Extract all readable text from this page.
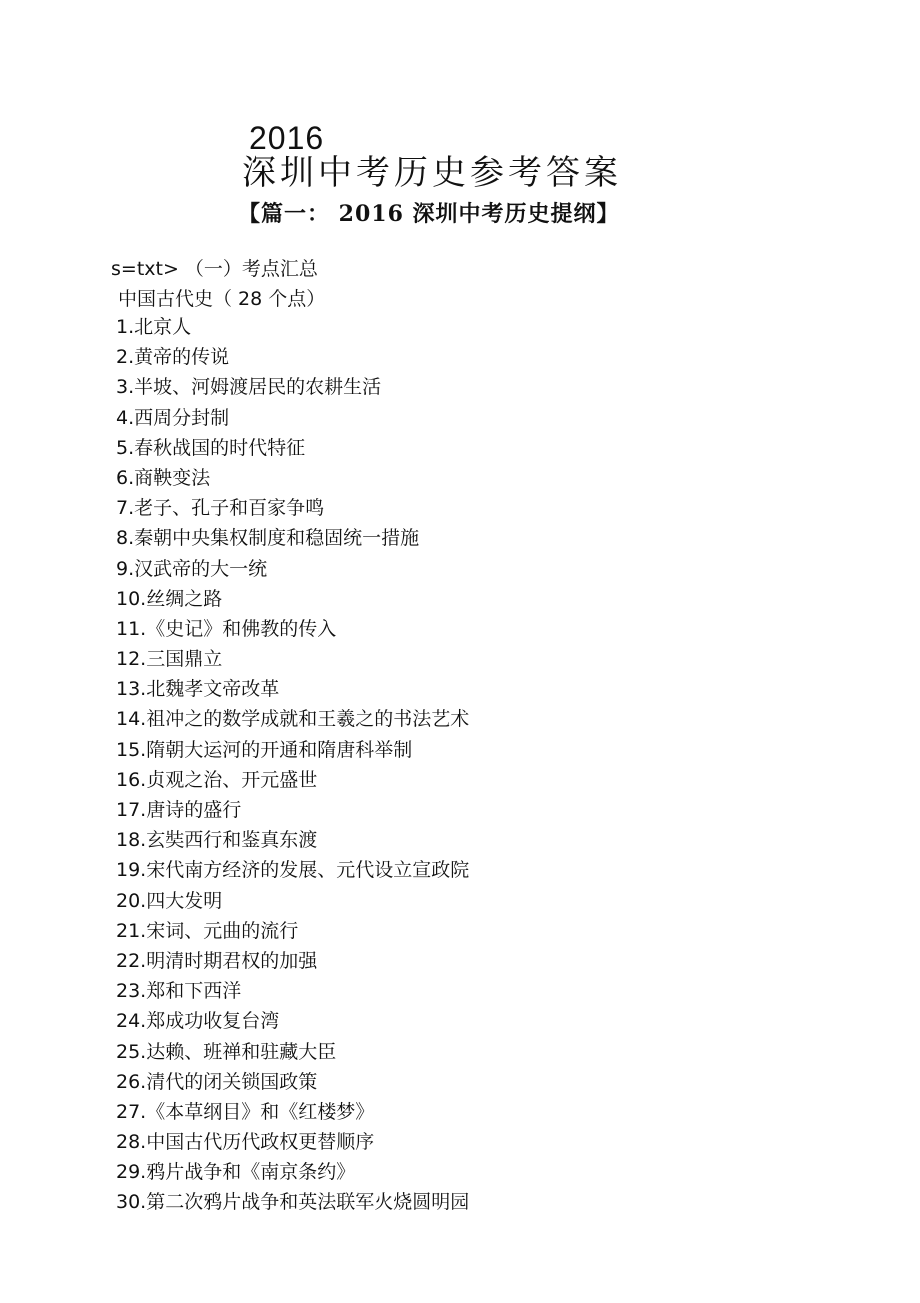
2016
深圳中考历史参考答案
【篇一： 2016 深圳中考历史提纲】
s=txt> （一）考点汇总
中国古代史（ 28 个点）
1.北京人
2.黄帝的传说
3.半坡、河姆渡居民的农耕生活
4.西周分封制
5.春秋战国的时代特征
6.商鞅变法
7.老子、孔子和百家争鸣
8.秦朝中央集权制度和稳固统一措施
9.汉武帝的大一统
10.丝绸之路
11.《史记》和佛教的传入
12.三国鼎立
13.北魏孝文帝改革
14.祖冲之的数学成就和王羲之的书法艺术
15.隋朝大运河的开通和隋唐科举制
16.贞观之治、开元盛世
17.唐诗的盛行
18.玄奘西行和鉴真东渡
19.宋代南方经济的发展、元代设立宣政院
20.四大发明
21.宋词、元曲的流行
22.明清时期君权的加强
23.郑和下西洋
24.郑成功收复台湾
25.达赖、班禅和驻藏大臣
26.清代的闭关锁国政策
27.《本草纲目》和《红楼梦》
28.中国古代历代政权更替顺序
29.鸦片战争和《南京条约》
30.第二次鸦片战争和英法联军火烧圆明园
